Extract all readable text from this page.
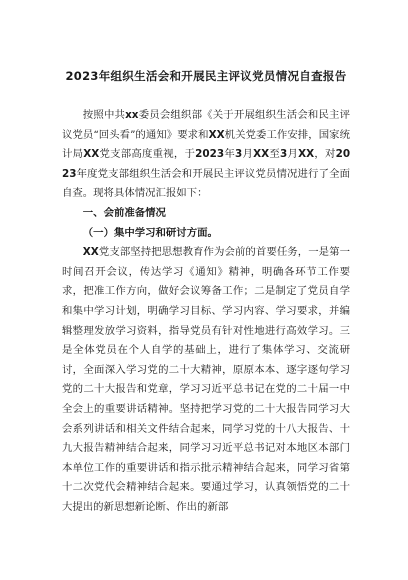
2023年组织生活会和开展民主评议党员情况自查报告

按照中共xx委员会组织部《关于开展组织生活会和民主评议党员“回头看”的通知》要求和XX机关党委工作安排，国家统计局XX党支部高度重视，于2023年3月XX至3月XX，对2023年度党支部组织生活会和开展民主评议党员情况进行了全面自查。现将具体情况汇报如下：

一、会前准备情况

（一）集中学习和研讨方面。

XX党支部坚持把思想教育作为会前的首要任务，一是第一时间召开会议，传达学习《通知》精神，明确各环节工作要求，把准工作方向，做好会议筹备工作；二是制定了党员自学和集中学习计划，明确学习目标、学习内容、学习要求，并编辑整理发放学习资料，指导党员有针对性地进行高效学习。三是全体党员在个人自学的基础上，进行了集体学习、交流研讨，全面深入学习党的二十大精神，原原本本、逐字逐句学习党的二十大报告和党章，学习习近平总书记在党的二十届一中全会上的重要讲话精神。坚持把学习党的二十大报告同学习大会系列讲话和相关文件结合起来，同学习党的十八大报告、十九大报告精神结合起来，同学习习近平总书记对本地区本部门本单位工作的重要讲话和指示批示精神结合起来，同学习省第十二次党代会精神结合起来。要通过学习，认真领悟党的二十大提出的新思想新论断、作出的新部
